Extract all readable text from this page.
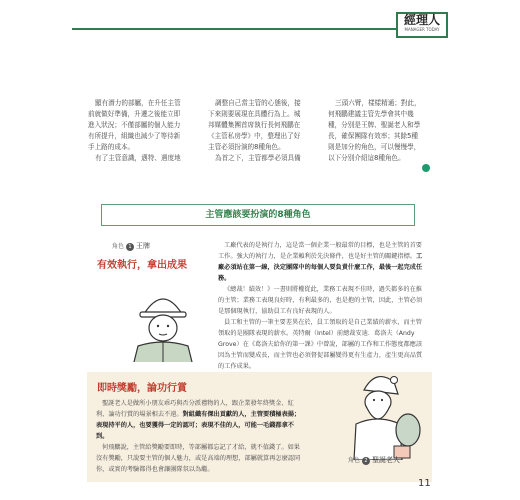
經理人
MANAGER TODAY

顯有潛力的部屬，在升任主管前就做好準備，升遷之後能立即進入狀況；不僅部屬的個人能力有所提升，組織也減少了等待新手上路的成本。

有了主管意識，邁特、遇度地

調整自己當主管的心態後，接下來則要展現在具體行為上。城邦媒體集團首席執行長何飛鵬在《主管私房學》中，整理出了好主管必須扮演的8種角色。

為首之下，主管都學必須具備

三頭六臂，樣樣精通；對此，何飛鵬建議主管先學會其中幾種，分別是王牌、聖誕老人和學長，確保團隊有效率；其餘5種則是加分的角色，可以慢慢學，以下分別介紹這8種角色。

主管應該要扮演的8種角色
角色 1 王牌
有效執行，拿出成果

工廠代表的是執行力，這是當一個企業一般最常的目標，也是主管的首要工作。強大的執行力，是企業賴利於先決條件，也是好主管的關鍵指標。工廠必須站在第一線，決定團隊中的每個人要負責什麼工作，最後一起完成任務。

《總裁！績效！》一書則將權從此，業務工表現不佳時，過失都多的在推的主管；業務工表現良好時，有利最多的，也是抱的主管，因此，主管必須是那個現執行，協助員工有良好表現的人。

員工和主管的一筆主要差異在於，員工領取的是自己業績的薪水，而主管領取的是團隊表現的薪水。英特爾（Intel）前總裁安迪．葛洛夫（Andy Grove）在《葛洛夫給你的第一課》中曾說，部屬的工作和工作態度都應該因為主管而變成長，而主管也必須督促部屬變得更有生產力，產生更高品質的工作成果。

即時獎勵，論功行賞

聖誕老人是做所小朋友乖巧與否分派禮物的人，跟企業發年終獎金、紅利、論功行賞的場景相去不遠。對組織有傑出貢獻的人，主管要積極表揚；表現持平的人，也要獲得一定的認可；表現不佳的人，可能一毛錢都拿不到。

何飛鵬說，主管給獎勵要即時，等部屬都忘記了才給，就不值錢了。如果沒有獎勵，只說要主管的個人魅力，或是高端的理想，部屬就算再怎麼認同你，或實的考驗都得也會讓團隊氛以為繼。

角色 2 聖誕老人
11
